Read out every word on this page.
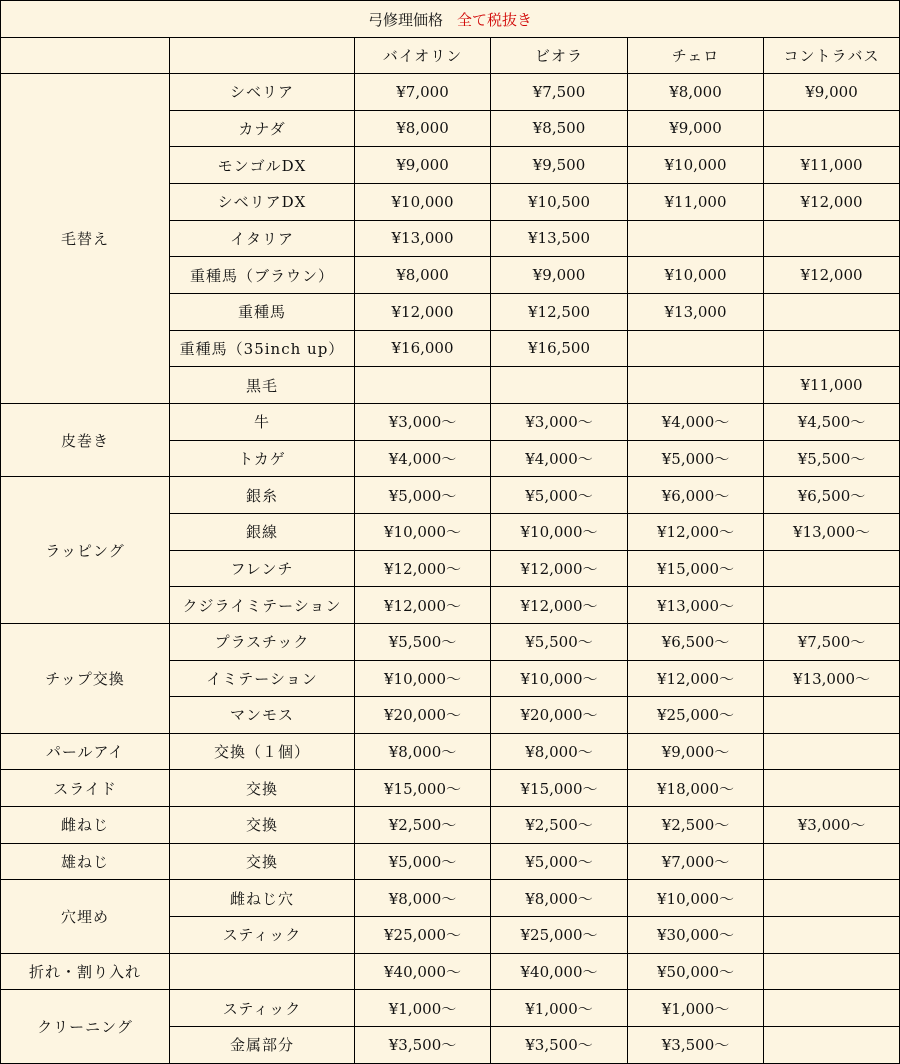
弓修理価格 全て税抜き					
		バイオリン	ビオラ	チェロ	コントラバス
毛替え	シベリア	¥7,000	¥7,500	¥8,000	¥9,000
	カナダ	¥8,000	¥8,500	¥9,000	
	モンゴルDX	¥9,000	¥9,500	¥10,000	¥11,000
	シベリアDX	¥10,000	¥10,500	¥11,000	¥12,000
	イタリア	¥13,000	¥13,500		
	重種馬（ブラウン）	¥8,000	¥9,000	¥10,000	¥12,000
	重種馬	¥12,000	¥12,500	¥13,000	
	重種馬（35inch up）	¥16,000	¥16,500		
	黒毛				¥11,000
皮巻き	牛	¥3,000〜	¥3,000〜	¥4,000〜	¥4,500〜
	トカゲ	¥4,000〜	¥4,000〜	¥5,000〜	¥5,500〜
ラッピング	銀糸	¥5,000〜	¥5,000〜	¥6,000〜	¥6,500〜
	銀線	¥10,000〜	¥10,000〜	¥12,000〜	¥13,000〜
	フレンチ	¥12,000〜	¥12,000〜	¥15,000〜	
	クジライミテーション	¥12,000〜	¥12,000〜	¥13,000〜	
チップ交換	プラスチック	¥5,500〜	¥5,500〜	¥6,500〜	¥7,500〜
	イミテーション	¥10,000〜	¥10,000〜	¥12,000〜	¥13,000〜
	マンモス	¥20,000〜	¥20,000〜	¥25,000〜	
パールアイ	交換（１個）	¥8,000〜	¥8,000〜	¥9,000〜	
スライド	交換	¥15,000〜	¥15,000〜	¥18,000〜	
雌ねじ	交換	¥2,500〜	¥2,500〜	¥2,500〜	¥3,000〜
雄ねじ	交換	¥5,000〜	¥5,000〜	¥7,000〜	
穴埋め	雌ねじ穴	¥8,000〜	¥8,000〜	¥10,000〜	
	スティック	¥25,000〜	¥25,000〜	¥30,000〜	
折れ・割り入れ		¥40,000〜	¥40,000〜	¥50,000〜	
クリーニング	スティック	¥1,000〜	¥1,000〜	¥1,000〜	
	金属部分	¥3,500〜	¥3,500〜	¥3,500〜	
